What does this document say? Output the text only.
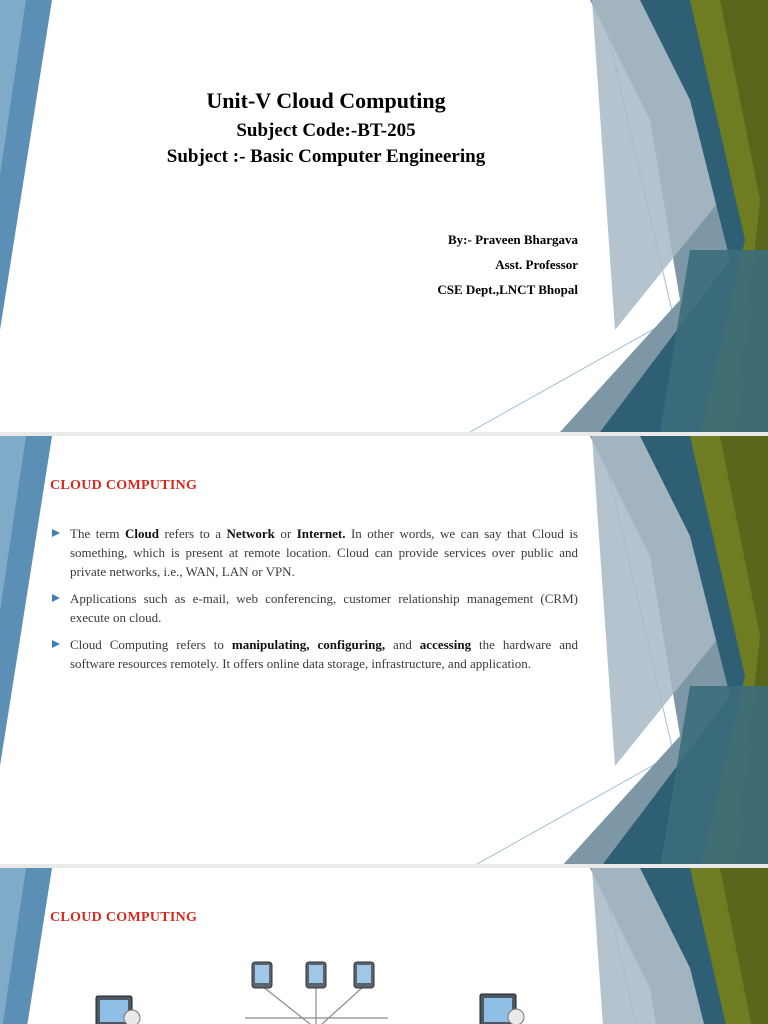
Unit-V Cloud Computing
Subject Code:-BT-205
Subject :- Basic Computer Engineering
By:- Praveen Bhargava
Asst. Professor
CSE Dept.,LNCT Bhopal
CLOUD COMPUTING
The term Cloud refers to a Network or Internet. In other words, we can say that Cloud is something, which is present at remote location. Cloud can provide services over public and private networks, i.e., WAN, LAN or VPN.
Applications such as e-mail, web conferencing, customer relationship management (CRM) execute on cloud.
Cloud Computing refers to manipulating, configuring, and accessing the hardware and software resources remotely. It offers online data storage, infrastructure, and application.
CLOUD COMPUTING
